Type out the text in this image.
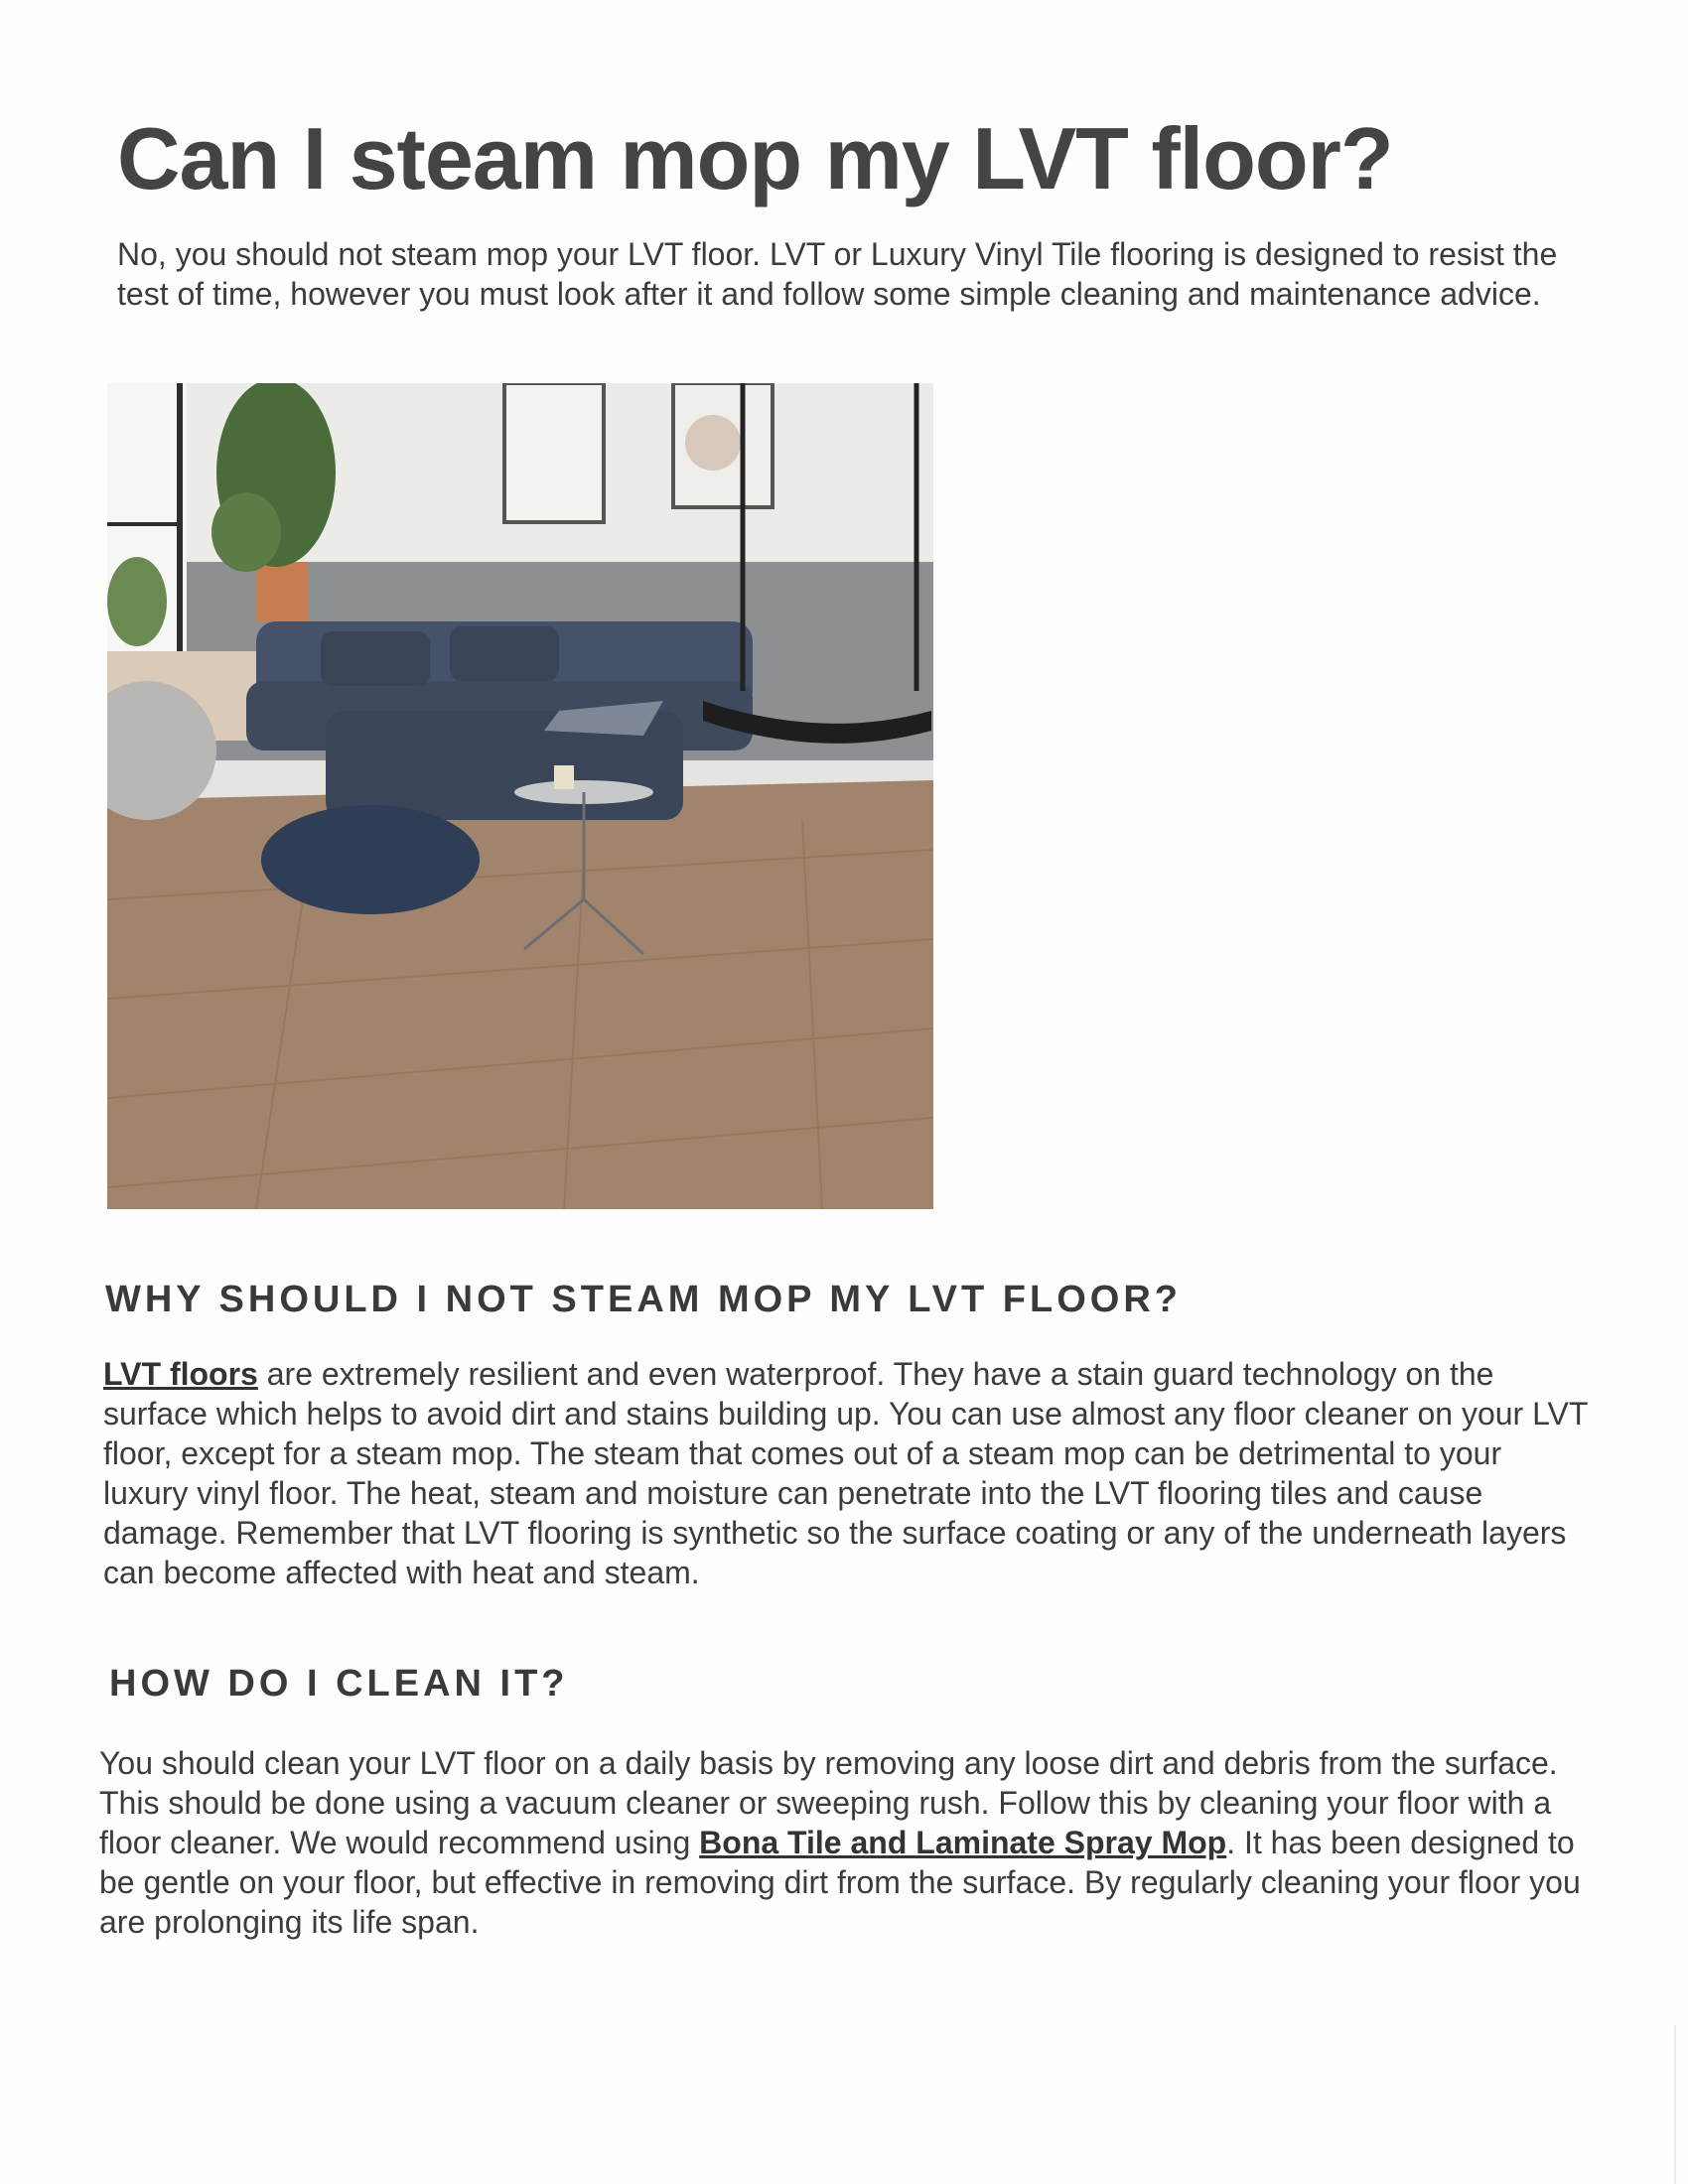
Can I steam mop my LVT floor?

No, you should not steam mop your LVT floor. LVT or Luxury Vinyl Tile flooring is designed to resist the test of time, however you must look after it and follow some simple cleaning and maintenance advice.

WHY SHOULD I NOT STEAM MOP MY LVT FLOOR?

LVT floors are extremely resilient and even waterproof. They have a stain guard technology on the surface which helps to avoid dirt and stains building up. You can use almost any floor cleaner on your LVT floor, except for a steam mop. The steam that comes out of a steam mop can be detrimental to your luxury vinyl floor. The heat, steam and moisture can penetrate into the LVT flooring tiles and cause damage. Remember that LVT flooring is synthetic so the surface coating or any of the underneath layers can become affected with heat and steam.

HOW DO I CLEAN IT?

You should clean your LVT floor on a daily basis by removing any loose dirt and debris from the surface. This should be done using a vacuum cleaner or sweeping rush. Follow this by cleaning your floor with a floor cleaner. We would recommend using Bona Tile and Laminate Spray Mop. It has been designed to be gentle on your floor, but effective in removing dirt from the surface. By regularly cleaning your floor you are prolonging its life span.
